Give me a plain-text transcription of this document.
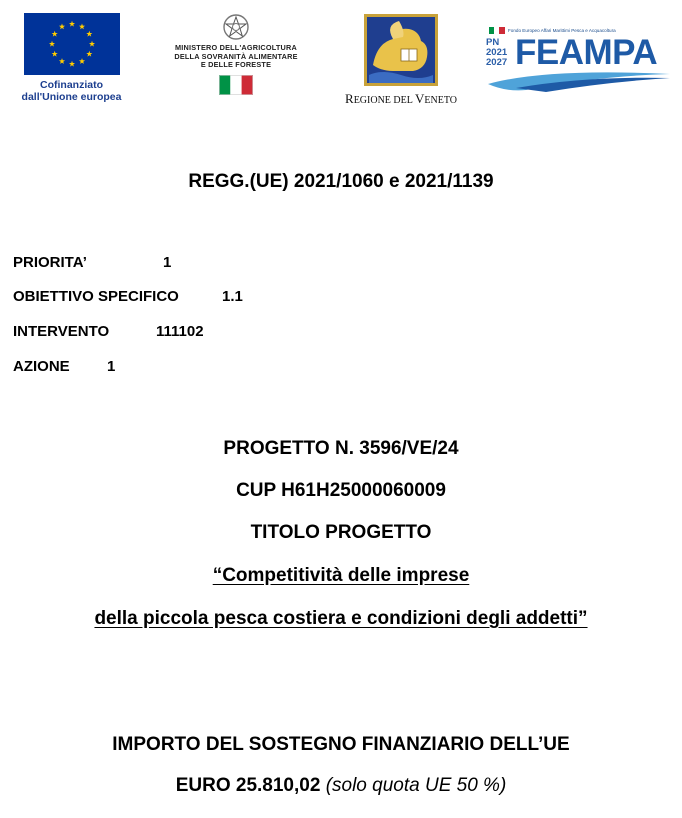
Cofinanziato
dall'Unione europea
MINISTERO DELL'AGRICOLTURA
DELLA SOVRANITÀ ALIMENTARE
E DELLE FORESTE
REGIONE DEL VENETO
Fondo Europeo Affari Marittimi Pesca e Acquacoltura
PN
2021
2027 FEAMPA
REGG.(UE) 2021/1060 e 2021/1139
PRIORITA’	1
OBIETTIVO SPECIFICO	1.1
INTERVENTO	111102
AZIONE 1
PROGETTO N. 3596/VE/24
CUP H61H25000060009
TITOLO PROGETTO
“Competitività delle imprese
della piccola pesca costiera e condizioni degli addetti”
IMPORTO DEL SOSTEGNO FINANZIARIO DELL’UE
EURO 25.810,02 (solo quota UE 50 %)
